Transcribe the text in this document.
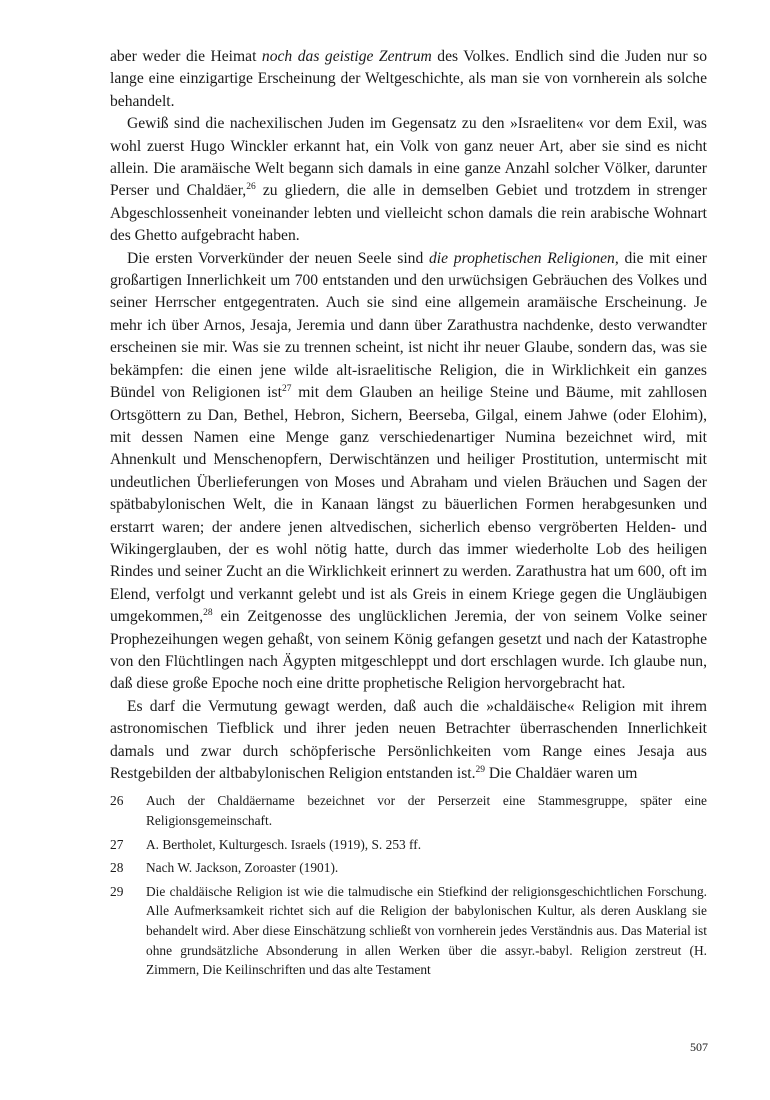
aber weder die Heimat noch das geistige Zentrum des Volkes. Endlich sind die Juden nur so lange eine einzigartige Erscheinung der Weltgeschichte, als man sie von vornherein als solche behandelt.

Gewiß sind die nachexilischen Juden im Gegensatz zu den »Israeliten« vor dem Exil, was wohl zuerst Hugo Winckler erkannt hat, ein Volk von ganz neuer Art, aber sie sind es nicht allein. Die aramäische Welt begann sich damals in eine ganze Anzahl solcher Völker, darunter Perser und Chaldäer,$^{26}$ zu gliedern, die alle in demselben Gebiet und trotzdem in strenger Abgeschlossenheit voneinander lebten und vielleicht schon damals die rein arabische Wohnart des Ghetto aufgebracht haben.

Die ersten Vorverkünder der neuen Seele sind die prophetischen Religionen, die mit einer großartigen Innerlichkeit um 700 entstanden und den urwüchsigen Gebräuchen des Volkes und seiner Herrscher entgegentraten. Auch sie sind eine allgemein aramäische Erscheinung. Je mehr ich über Arnos, Jesaja, Jeremia und dann über Zarathustra nachdenke, desto verwandter erscheinen sie mir. Was sie zu trennen scheint, ist nicht ihr neuer Glaube, sondern das, was sie bekämpfen: die einen jene wilde alt-israelitische Religion, die in Wirklichkeit ein ganzes Bündel von Religionen ist$^{27}$ mit dem Glauben an heilige Steine und Bäume, mit zahllosen Ortsgöttern zu Dan, Bethel, Hebron, Sichern, Beerseba, Gilgal, einem Jahwe (oder Elohim), mit dessen Namen eine Menge ganz verschiedenartiger Numina bezeichnet wird, mit Ahnenkult und Menschenopfern, Derwischtänzen und heiliger Prostitution, untermischt mit undeutlichen Überlieferungen von Moses und Abraham und vielen Bräuchen und Sagen der spätbabylonischen Welt, die in Kanaan längst zu bäuerlichen Formen herabgesunken und erstarrt waren; der andere jenen altvedischen, sicherlich ebenso vergröberten Helden- und Wikingerglauben, der es wohl nötig hatte, durch das immer wiederholte Lob des heiligen Rindes und seiner Zucht an die Wirklichkeit erinnert zu werden. Zarathustra hat um 600, oft im Elend, verfolgt und verkannt gelebt und ist als Greis in einem Kriege gegen die Ungläubigen umgekommen,$^{28}$ ein Zeitgenosse des unglücklichen Jeremia, der von seinem Volke seiner Prophezeihungen wegen gehaßt, von seinem König gefangen gesetzt und nach der Katastrophe von den Flüchtlingen nach Ägypten mitgeschleppt und dort erschlagen wurde. Ich glaube nun, daß diese große Epoche noch eine dritte prophetische Religion hervorgebracht hat.

Es darf die Vermutung gewagt werden, daß auch die »chaldäische« Religion mit ihrem astronomischen Tiefblick und ihrer jeden neuen Betrachter überraschenden Innerlichkeit damals und zwar durch schöpferische Persönlichkeiten vom Range eines Jesaja aus Restgebilden der altbabylonischen Religion entstanden ist.$^{29}$ Die Chaldäer waren um

26	Auch der Chaldäername bezeichnet vor der Perserzeit eine Stammesgruppe, später eine Religionsgemeinschaft.
27	A. Bertholet, Kulturgesch. Israels (1919), S. 253 ff.
28	Nach W. Jackson, Zoroaster (1901).
29	Die chaldäische Religion ist wie die talmudische ein Stiefkind der religionsgeschichtlichen Forschung. Alle Aufmerksamkeit richtet sich auf die Religion der babylonischen Kultur, als deren Ausklang sie behandelt wird. Aber diese Einschätzung schließt von vornherein jedes Verständnis aus. Das Material ist ohne grundsätzliche Absonderung in allen Werken über die assyr.-babyl. Religion zerstreut (H. Zimmern, Die Keilinschriften und das alte Testament
507
